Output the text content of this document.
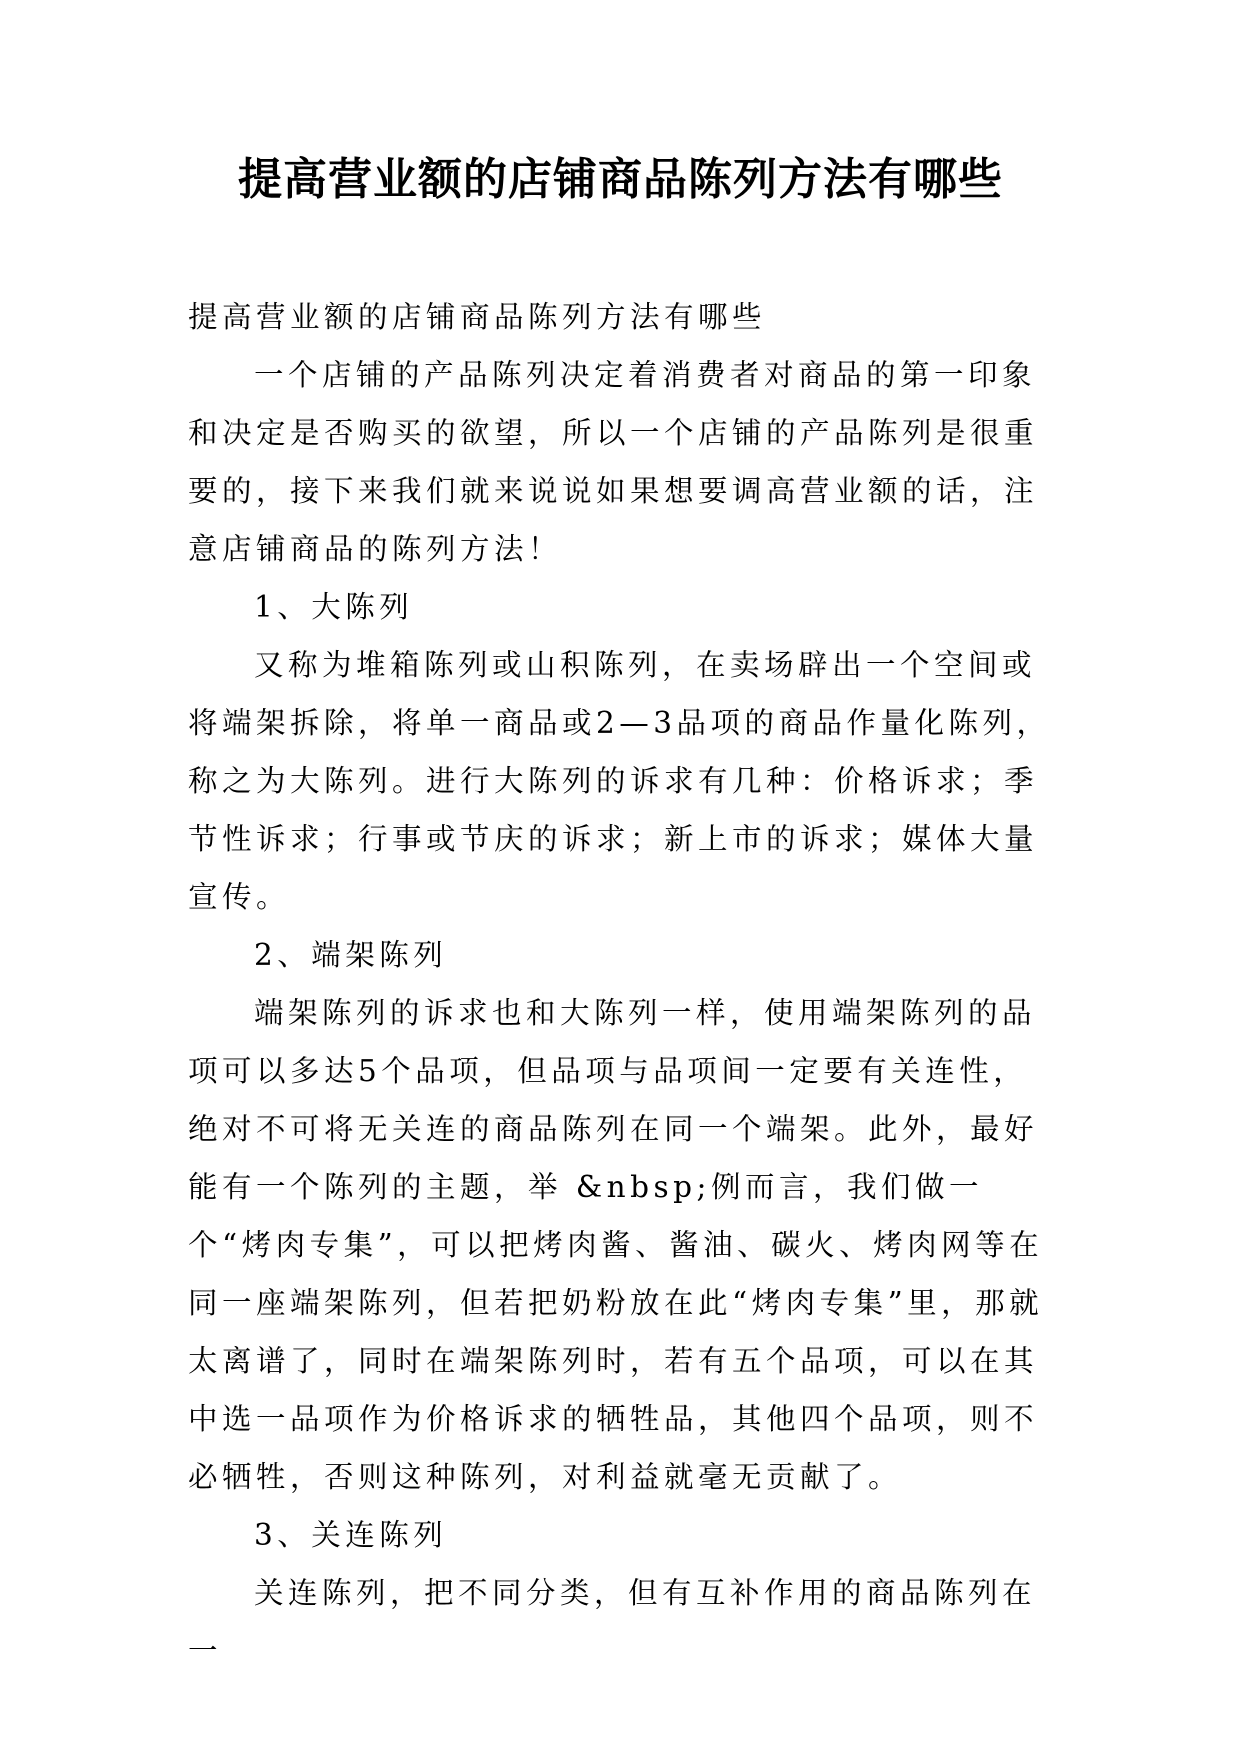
提高营业额的店铺商品陈列方法有哪些

提高营业额的店铺商品陈列方法有哪些

一个店铺的产品陈列决定着消费者对商品的第一印象和决定是否购买的欲望，所以一个店铺的产品陈列是很重要的，接下来我们就来说说如果想要调高营业额的话，注意店铺商品的陈列方法！

1、大陈列

又称为堆箱陈列或山积陈列，在卖场辟出一个空间或将端架拆除，将单一商品或2—3品项的商品作量化陈列，称之为大陈列。进行大陈列的诉求有几种：价格诉求；季节性诉求；行事或节庆的诉求；新上市的诉求；媒体大量宣传。

2、端架陈列

端架陈列的诉求也和大陈列一样，使用端架陈列的品项可以多达5个品项，但品项与品项间一定要有关连性，绝对不可将无关连的商品陈列在同一个端架。此外，最好能有一个陈列的主题，举 &nbsp;例而言，我们做一个“烤肉专集”，可以把烤肉酱、酱油、碳火、烤肉网等在同一座端架陈列，但若把奶粉放在此“烤肉专集”里，那就太离谱了，同时在端架陈列时，若有五个品项，可以在其中选一品项作为价格诉求的牺牲品，其他四个品项，则不必牺牲，否则这种陈列，对利益就毫无贡献了。

3、关连陈列

关连陈列，把不同分类，但有互补作用的商品陈列在一
